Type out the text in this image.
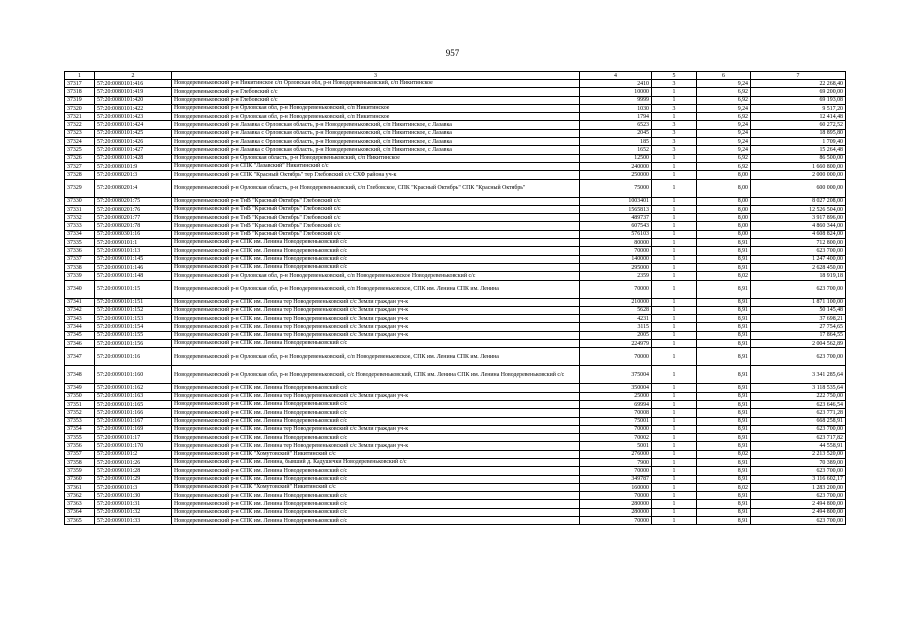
957
1	2	3	4	5	6	7
37317	57:20:0080101:416	Новодеревеньковский р-н Никитинское с/п Орловская обл, р-н Новодеревеньковский, с/п Никитинское	2410	3	9,24	22 268,40
37318	57:20:0080101:419	Новодеревеньковский р-н Глебовский с/с	10000	1	6,92	69 200,00
37319	57:20:0080101:420	Новодеревеньковский р-н Глебовский с/с	9999	1	6,92	69 193,08
37320	57:20:0080101:422	Новодеревеньковский р-н Орловская обл, р-н Новодеревеньковский, с/п Никитинское	1030	3	9,24	9 517,20
37321	57:20:0080101:423	Новодеревеньковский р-н Орловская обл, р-н Новодеревеньковский, с/п Никитинское	1794	1	6,92	12 414,48
37322	57:20:0080101:424	Новодеревеньковский р-н Лазавка с Орловская область, р-н Новодеревеньковский, с/п Никитинское, с Лазавка	6523	3	9,24	60 272,52
37323	57:20:0080101:425	Новодеревеньковский р-н Лазавка с Орловская область, р-н Новодеревеньковский, с/п Никитинское, с Лазавка	2045	3	9,24	18 895,80
37324	57:20:0080101:426	Новодеревеньковский р-н Лазавка с Орловская область, р-н Новодеревеньковский, с/п Никитинское, с Лазавка	185	3	9,24	1 709,40
37325	57:20:0080101:427	Новодеревеньковский р-н Лазавка с Орловская область, р-н Новодеревеньковский, с/п Никитинское, с Лазавка	1652	3	9,24	15 264,48
37326	57:20:0080101:428	Новодеревеньковский р-н Орловская область, р-н Новодеревеньковский, с/п Никитинское	12500	1	6,92	86 500,00
37327	57:20:0080101:9	Новодеревеньковский р-н СПК "Лазавский" Никитинский с/с	240000	1	6,92	1 660 800,00
37328	57:20:0080201:3	Новодеревеньковский р-н СПК "Красный Октябрь" тер Глебовский с/с СХФ района уч-к	250000	1	8,00	2 000 000,00
37329	57:20:0080201:4	Новодеревеньковский р-н Орловская область, р-н Новодеревеньковский, с/п Глебовское, СПК "Красный Октябрь" СПК "Красный Октябрь"	75000	1	8,00	600 000,00
37330	57:20:0080201:75	Новодеревеньковский р-н ТнВ "Красный Октябрь" Глебовский с/с	1003401	1	8,00	8 027 208,00
37331	57:20:0080201:76	Новодеревеньковский р-н ТнВ "Красный Октябрь" Глебовский с/с	1565813	1	8,00	12 526 504,00
37332	57:20:0080201:77	Новодеревеньковский р-н ТнВ "Красный Октябрь" Глебовский с/с	489737	1	8,00	3 917 896,00
37333	57:20:0080201:78	Новодеревеньковский р-н ТнВ "Красный Октябрь" Глебовский с/с	607543	1	8,00	4 860 344,00
37334	57:20:0080301:16	Новодеревеньковский р-н ТнВ "Красный Октябрь" Глебовский с/с	576103	1	8,00	4 608 824,00
37335	57:20:0090101:1	Новодеревеньковский р-н СПК им. Ленина Новодеревеньковский с/с	80000	1	8,91	712 800,00
37336	57:20:0090101:13	Новодеревеньковский р-н СПК им. Ленина Новодеревеньковский с/с	70000	1	8,91	623 700,00
37337	57:20:0090101:145	Новодеревеньковский р-н СПК им. Ленина Новодеревеньковский с/с	140000	1	8,91	1 247 400,00
37338	57:20:0090101:146	Новодеревеньковский р-н СПК им. Ленина Новодеревеньковский с/с	295000	1	8,91	2 628 450,00
37339	57:20:0090101:148	Новодеревеньковский р-н Орловская обл, р-н Новодеревеньковский, с/п Новодеревеньковское Новодеревеньковский с/с	2359	1	8,02	18 919,18
37340	57:20:0090101:15	Новодеревеньковский р-н Орловская обл, р-н Новодеревеньковский, с/п Новодеревеньковское, СПК им. Ленина СПК им. Ленина	70000	1	8,91	623 700,00
37341	57:20:0090101:151	Новодеревеньковский р-н СПК им. Ленина тер Новодеревеньковский с/с Земли граждан уч-к	210000	1	8,91	1 871 100,00
37342	57:20:0090101:152	Новодеревеньковский р-н СПК им. Ленина тер Новодеревеньковский с/с Земли граждан уч-к	5628	1	8,91	50 145,48
37343	57:20:0090101:153	Новодеревеньковский р-н СПК им. Ленина тер Новодеревеньковский с/с Земли граждан уч-к	4231	1	8,91	37 698,21
37344	57:20:0090101:154	Новодеревеньковский р-н СПК им. Ленина тер Новодеревеньковский с/с Земли граждан уч-к	3115	1	8,91	27 754,65
37345	57:20:0090101:155	Новодеревеньковский р-н СПК им. Ленина тер Новодеревеньковский с/с Земли граждан уч-к	2005	1	8,91	17 864,55
37346	57:20:0090101:156	Новодеревеньковский р-н СПК им. Ленина Новодеревеньковский с/с	224979	1	8,91	2 004 562,89
37347	57:20:0090101:16	Новодеревеньковский р-н Орловская обл, р-н Новодеревеньковский, с/п Новодеревеньковское, СПК им. Ленина СПК им. Ленина	70000	1	8,91	623 700,00
37348	57:20:0090101:160	Новодеревеньковский р-н Орловская обл, р-н Новодеревеньковский, с/с Новодеревеньковский, СПК им. Ленина СПК им. Ленина Новодеревеньковский с/с	375004	1	8,91	3 341 285,64
37349	57:20:0090101:162	Новодеревеньковский р-н СПК им. Ленина Новодеревеньковский с/с	350004	1	8,91	3 118 535,64
37350	57:20:0090101:163	Новодеревеньковский р-н СПК им. Ленина тер Новодеревеньковский с/с Земли граждан уч-к	25000	1	8,91	222 750,00
37351	57:20:0090101:165	Новодеревеньковский р-н СПК им. Ленина Новодеревеньковский с/с	69994	1	8,91	623 646,54
37352	57:20:0090101:166	Новодеревеньковский р-н СПК им. Ленина Новодеревеньковский с/с	70008	1	8,91	623 771,28
37353	57:20:0090101:167	Новодеревеньковский р-н СПК им. Ленина Новодеревеньковский с/с	75001	1	8,91	668 258,91
37354	57:20:0090101:169	Новодеревеньковский р-н СПК им. Ленина тер Новодеревеньковский с/с Земли граждан уч-к	70000	1	8,91	623 700,00
37355	57:20:0090101:17	Новодеревеньковский р-н СПК им. Ленина Новодеревеньковский с/с	70002	1	8,91	623 717,82
37356	57:20:0090101:170	Новодеревеньковский р-н СПК им. Ленина тер Новодеревеньковский с/с Земли граждан уч-к	5001	1	8,91	44 558,91
37357	57:20:0090101:2	Новодеревеньковский р-н СПК "Хомутовский" Никитинский с/с	276000	1	8,02	2 213 520,00
37358	57:20:0090101:26	Новодеревеньковский р-н СПК им. Ленина, бывший д. Кадушечки Новодеревеньковский с/с	7900	1	8,91	70 389,00
37359	57:20:0090101:28	Новодеревеньковский р-н СПК им. Ленина Новодеревеньковский с/с	70000	1	8,91	623 700,00
37360	57:20:0090101:29	Новодеревеньковский р-н СПК им. Ленина Новодеревеньковский с/с	349787	1	8,91	3 116 602,17
37361	57:20:0090101:3	Новодеревеньковский р-н СПК "Хомутовский" Никитинский с/с	160000	1	8,02	1 283 200,00
37362	57:20:0090101:30	Новодеревеньковский р-н СПК им. Ленина Новодеревеньковский с/с	70000	1	8,91	623 700,00
37363	57:20:0090101:31	Новодеревеньковский р-н СПК им. Ленина Новодеревеньковский с/с	280000	1	8,91	2 494 800,00
37364	57:20:0090101:32	Новодеревеньковский р-н СПК им. Ленина Новодеревеньковский с/с	280000	1	8,91	2 494 800,00
37365	57:20:0090101:33	Новодеревеньковский р-н СПК им. Ленина Новодеревеньковский с/с	70000	1	8,91	623 700,00
